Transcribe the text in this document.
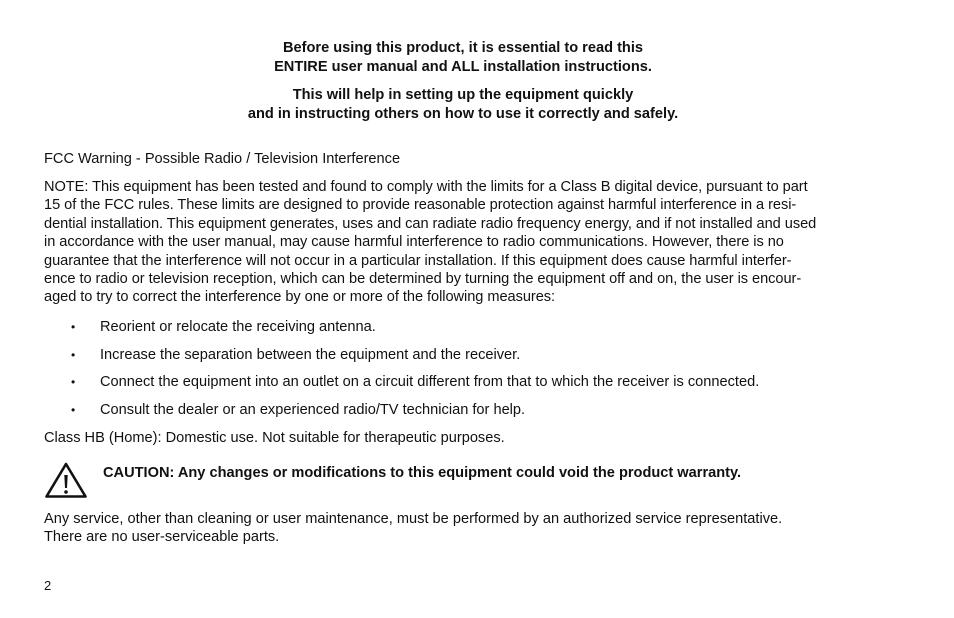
Before using this product, it is essential to read this
ENTIRE user manual and ALL installation instructions.

This will help in setting up the equipment quickly
and in instructing others on how to use it correctly and safely.

FCC Warning - Possible Radio / Television Interference

NOTE: This equipment has been tested and found to comply with the limits for a Class B digital device, pursuant to part
15 of the FCC rules. These limits are designed to provide reasonable protection against harmful interference in a resi-
dential installation. This equipment generates, uses and can radiate radio frequency energy, and if not installed and used
in accordance with the user manual, may cause harmful interference to radio communications. However, there is no
guarantee that the interference will not occur in a particular installation. If this equipment does cause harmful interfer-
ence to radio or television reception, which can be determined by turning the equipment off and on, the user is encour-
aged to try to correct the interference by one or more of the following measures:

• Reorient or relocate the receiving antenna.
• Increase the separation between the equipment and the receiver.
• Connect the equipment into an outlet on a circuit different from that to which the receiver is connected.
• Consult the dealer or an experienced radio/TV technician for help.

Class HB (Home): Domestic use. Not suitable for therapeutic purposes.

CAUTION: Any changes or modifications to this equipment could void the product warranty.

Any service, other than cleaning or user maintenance, must be performed by an authorized service representative.
There are no user-serviceable parts.

2
